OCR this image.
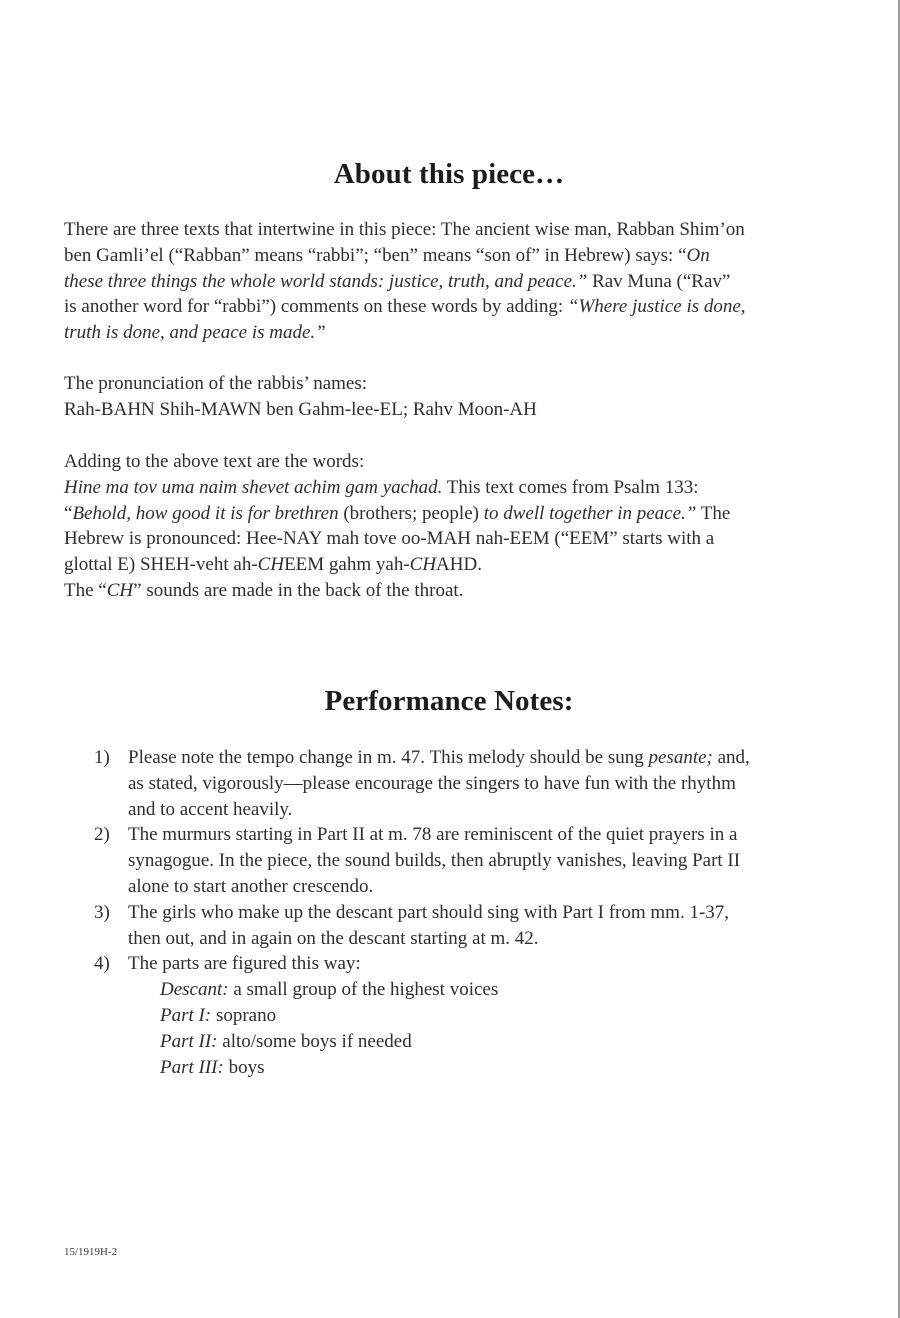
About this piece…
There are three texts that intertwine in this piece: The ancient wise man, Rabban Shim’on
ben Gamli’el (“Rabban” means “rabbi”; “ben” means “son of” in Hebrew) says: “On
these three things the whole world stands: justice, truth, and peace.” Rav Muna (“Rav”
is another word for “rabbi”) comments on these words by adding: “Where justice is done,
truth is done, and peace is made.”
The pronunciation of the rabbis’ names:
Rah-BAHN Shih-MAWN ben Gahm-lee-EL; Rahv Moon-AH
Adding to the above text are the words:
Hine ma tov uma naim shevet achim gam yachad. This text comes from Psalm 133:
“Behold, how good it is for brethren (brothers; people) to dwell together in peace.” The
Hebrew is pronounced: Hee-NAY mah tove oo-MAH nah-EEM (“EEM” starts with a
glottal E) SHEH-veht ah-CHEEM gahm yah-CHAHD.
The “CH” sounds are made in the back of the throat.
Performance Notes:
1) Please note the tempo change in m. 47. This melody should be sung pesante; and,
as stated, vigorously—please encourage the singers to have fun with the rhythm
and to accent heavily.
2) The murmurs starting in Part II at m. 78 are reminiscent of the quiet prayers in a
synagogue. In the piece, the sound builds, then abruptly vanishes, leaving Part II
alone to start another crescendo.
3) The girls who make up the descant part should sing with Part I from mm. 1-37,
then out, and in again on the descant starting at m. 42.
4) The parts are figured this way:
Descant: a small group of the highest voices
Part I: soprano
Part II: alto/some boys if needed
Part III: boys
15/1919H-2
